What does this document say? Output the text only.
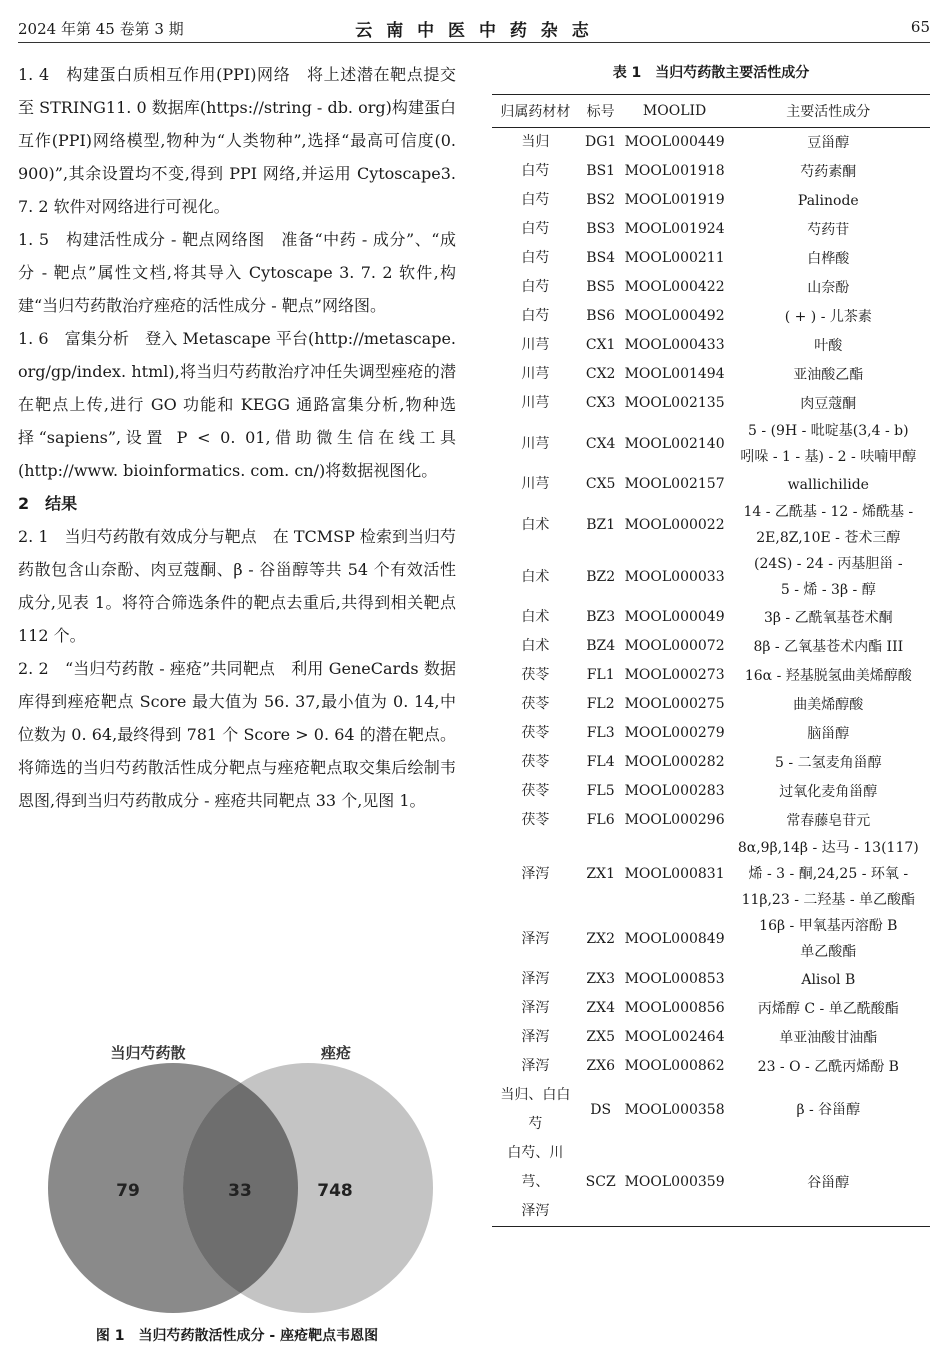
2024 年第 45 卷第 3 期	云 南 中 医 中 药 杂 志	65

1. 4　构建蛋白质相互作用(PPI)网络　将上述潜在靶点提交至 STRING11. 0 数据库(https://string - db. org)构建蛋白互作(PPI)网络模型,物种为“人类物种”,选择“最高可信度(0. 900)”,其余设置均不变,得到 PPI 网络,并运用 Cytoscape3. 7. 2 软件对网络进行可视化。

1. 5　构建活性成分 - 靶点网络图　准备“中药 - 成分”、“成分 - 靶点”属性文档,将其导入 Cytoscape 3. 7. 2 软件,构建“当归芍药散治疗痤疮的活性成分 - 靶点”网络图。

1. 6　富集分析　登入 Metascape 平台(http://metascape. org/gp/index. html),将当归芍药散治疗冲任失调型痤疮的潜在靶点上传,进行 GO 功能和 KEGG 通路富集分析,物种选择“sapiens”,设置 P < 0. 01,借助微生信在线工具(http://www. bioinformatics. com. cn/)将数据视图化。

2　结果

2. 1　当归芍药散有效成分与靶点　在 TCMSP 检索到当归芍药散包含山奈酚、肉豆蔻酮、β - 谷甾醇等共 54 个有效活性成分,见表 1。将符合筛选条件的靶点去重后,共得到相关靶点 112 个。

2. 2　“当归芍药散 - 痤疮”共同靶点　利用 GeneCards 数据库得到痤疮靶点 Score 最大值为 56. 37,最小值为 0. 14,中位数为 0. 64,最终得到 781 个 Score > 0. 64 的潜在靶点。将筛选的当归芍药散活性成分靶点与痤疮靶点取交集后绘制韦恩图,得到当归芍药散成分 - 痤疮共同靶点 33 个,见图 1。

当归芍药散	痤疮
79	33	748
图 1　当归芍药散活性成分 - 座疮靶点韦恩图
表 1　当归芍药散主要活性成分
归属药材材	标号	MOOLID	主要活性成分
当归	DG1	MOOL000449	豆甾醇
白芍	BS1	MOOL001918	芍药素酮
白芍	BS2	MOOL001919	Palinode
白芍	BS3	MOOL001924	芍药苷
白芍	BS4	MOOL000211	白桦酸
白芍	BS5	MOOL000422	山奈酚
白芍	BS6	MOOL000492	( + ) - 儿茶素
川芎	CX1	MOOL000433	叶酸
川芎	CX2	MOOL001494	亚油酸乙酯
川芎	CX3	MOOL002135	肉豆蔻酮
川芎	CX4	MOOL002140	5 - (9H - 吡啶基(3,4 - b)
吲哚 - 1 - 基) - 2 - 呋喃甲醇
川芎	CX5	MOOL002157	wallichilide
白术	BZ1	MOOL000022	14 - 乙酰基 - 12 - 烯酰基 -
2E,8Z,10E - 苍术三醇
白术	BZ2	MOOL000033	(24S) - 24 - 丙基胆甾 -
5 - 烯 - 3β - 醇
白术	BZ3	MOOL000049	3β - 乙酰氧基苍术酮
白术	BZ4	MOOL000072	8β - 乙氧基苍术内酯 III
茯苓	FL1	MOOL000273	16α - 羟基脱氢曲美烯醇酸
茯苓	FL2	MOOL000275	曲美烯醇酸
茯苓	FL3	MOOL000279	脑甾醇
茯苓	FL4	MOOL000282	5 - 二氢麦角甾醇
茯苓	FL5	MOOL000283	过氧化麦角甾醇
茯苓	FL6	MOOL000296	常春藤皂苷元
泽泻	ZX1	MOOL000831	8α,9β,14β - 达马 - 13(117)
烯 - 3 - 酮,24,25 - 环氧 -
11β,23 - 二羟基 - 单乙酸酯
泽泻	ZX2	MOOL000849	16β - 甲氧基丙溶酚 B
单乙酸酯
泽泻	ZX3	MOOL000853	Alisol B
泽泻	ZX4	MOOL000856	丙烯醇 C - 单乙酰酸酯
泽泻	ZX5	MOOL002464	单亚油酸甘油酯
泽泻	ZX6	MOOL000862	23 - O - 乙酰丙烯酚 B
当归、白白芍	DS	MOOL000358	β - 谷甾醇
白芍、川芎、
泽泻	SCZ	MOOL000359	谷甾醇
